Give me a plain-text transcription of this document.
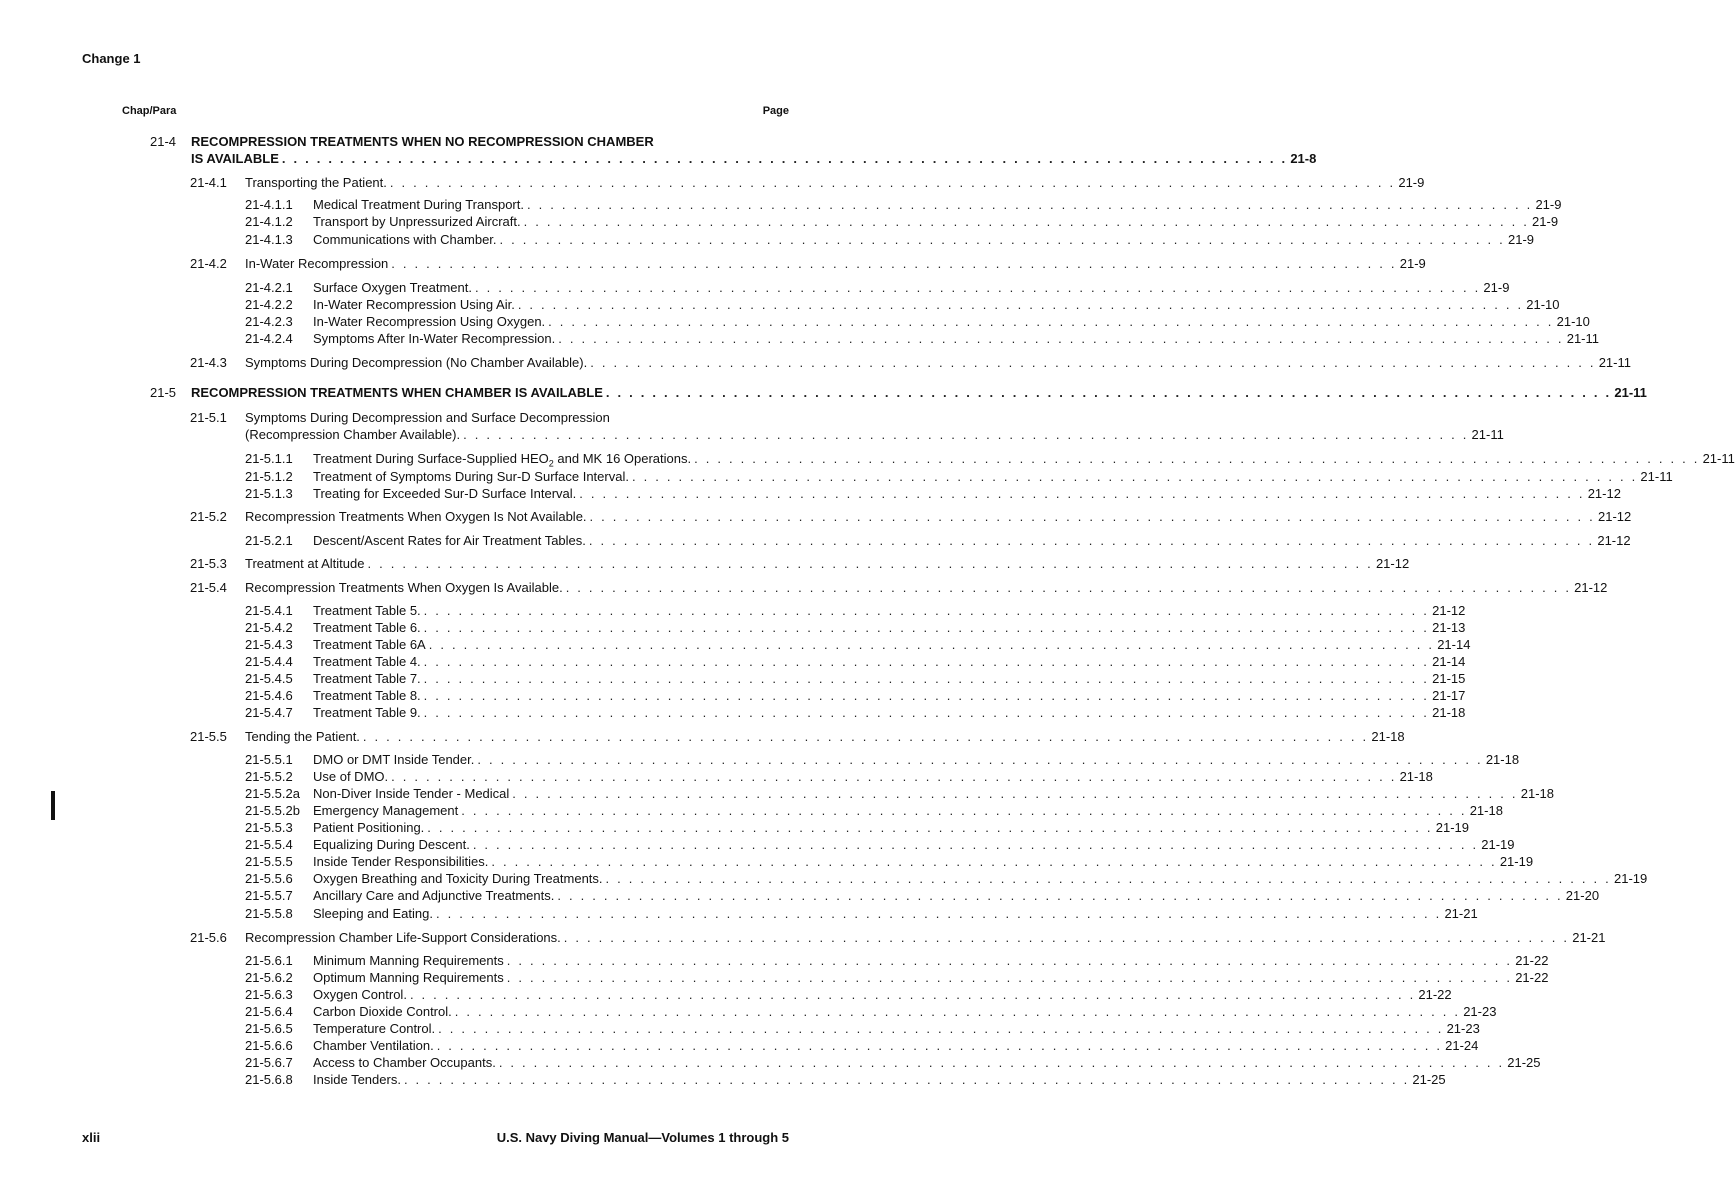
Change 1
Chap/Para	Page
21-4 RECOMPRESSION TREATMENTS WHEN NO RECOMPRESSION CHAMBER
IS AVAILABLE . . . . . . . . . . . . . . . . . . . . . . . . . . . . . . . . . . . . . . . . . . . . . . . . . . . . . . . . . . . . . . . . . . . . . . . . . . . . . . . . . . . . . . . 21-8
21-4.1	Transporting the Patient. . . . . . . . . . . . . . . . . . . . . . . . . . . . . . . . . . . . . . . . . . . . . . . . . . . . . . . . . . . . . . . . . . . . . . . . . . . . . . . . . . . . . . . . 21-9
21-4.1.1	Medical Treatment During Transport. . . . . . . . . . . . . . . . . . . . . . . . . . . . . . . . . . . . . . . . . . . . . . . . . . . . . . . . . . . . . . . . . . . . . . . . . . . . . . . . . . . . . . . . 21-9
21-4.1.2	Transport by Unpressurized Aircraft. . . . . . . . . . . . . . . . . . . . . . . . . . . . . . . . . . . . . . . . . . . . . . . . . . . . . . . . . . . . . . . . . . . . . . . . . . . . . . . . . . . . . . . . 21-9
21-4.1.3	Communications with Chamber. . . . . . . . . . . . . . . . . . . . . . . . . . . . . . . . . . . . . . . . . . . . . . . . . . . . . . . . . . . . . . . . . . . . . . . . . . . . . . . . . . . . . . . . 21-9
21-4.2	In-Water Recompression . . . . . . . . . . . . . . . . . . . . . . . . . . . . . . . . . . . . . . . . . . . . . . . . . . . . . . . . . . . . . . . . . . . . . . . . . . . . . . . . . . . . . . . 21-9
21-4.2.1	Surface Oxygen Treatment. . . . . . . . . . . . . . . . . . . . . . . . . . . . . . . . . . . . . . . . . . . . . . . . . . . . . . . . . . . . . . . . . . . . . . . . . . . . . . . . . . . . . . . . 21-9
21-4.2.2	In-Water Recompression Using Air. . . . . . . . . . . . . . . . . . . . . . . . . . . . . . . . . . . . . . . . . . . . . . . . . . . . . . . . . . . . . . . . . . . . . . . . . . . . . . . . . . . . . . . . 21-10
21-4.2.3	In-Water Recompression Using Oxygen. . . . . . . . . . . . . . . . . . . . . . . . . . . . . . . . . . . . . . . . . . . . . . . . . . . . . . . . . . . . . . . . . . . . . . . . . . . . . . . . . . . . . . . . 21-10
21-4.2.4	Symptoms After In-Water Recompression. . . . . . . . . . . . . . . . . . . . . . . . . . . . . . . . . . . . . . . . . . . . . . . . . . . . . . . . . . . . . . . . . . . . . . . . . . . . . . . . . . . . . . . . 21-11
21-4.3	Symptoms During Decompression (No Chamber Available). . . . . . . . . . . . . . . . . . . . . . . . . . . . . . . . . . . . . . . . . . . . . . . . . . . . . . . . . . . . . . . . . . . . . . . . . . . . . . . . . . . . . . . . 21-11
21-5	RECOMPRESSION TREATMENTS WHEN CHAMBER IS AVAILABLE . . . . . . . . . . . . . . . . . . . . . . . . . . . . . . . . . . . . . . . . . . . . . . . . . . . . . . . . . . . . . . . . . . . . . . . . . . . . . . . . . . . . . . . 21-11
21-5.1 Symptoms During Decompression and Surface Decompression
(Recompression Chamber Available). . . . . . . . . . . . . . . . . . . . . . . . . . . . . . . . . . . . . . . . . . . . . . . . . . . . . . . . . . . . . . . . . . . . . . . . . . . . . . . . . . . . . . . . 21-11
21-5.1.1	Treatment During Surface-Supplied $HEO_2$ and MK 16 Operations. . . . . . . . . . . . . . . . . . . . . . . . . . . . . . . . . . . . . . . . . . . . . . . . . . . . . . . . . . . . . . . . . . . . . . . . . . . . . . . . . . . . . . . . 21-11
21-5.1.2	Treatment of Symptoms During Sur-D Surface Interval. . . . . . . . . . . . . . . . . . . . . . . . . . . . . . . . . . . . . . . . . . . . . . . . . . . . . . . . . . . . . . . . . . . . . . . . . . . . . . . . . . . . . . . . 21-11
21-5.1.3	Treating for Exceeded Sur-D Surface Interval. . . . . . . . . . . . . . . . . . . . . . . . . . . . . . . . . . . . . . . . . . . . . . . . . . . . . . . . . . . . . . . . . . . . . . . . . . . . . . . . . . . . . . . . 21-12
21-5.2	Recompression Treatments When Oxygen Is Not Available. . . . . . . . . . . . . . . . . . . . . . . . . . . . . . . . . . . . . . . . . . . . . . . . . . . . . . . . . . . . . . . . . . . . . . . . . . . . . . . . . . . . . . . . 21-12
21-5.2.1	Descent/Ascent Rates for Air Treatment Tables. . . . . . . . . . . . . . . . . . . . . . . . . . . . . . . . . . . . . . . . . . . . . . . . . . . . . . . . . . . . . . . . . . . . . . . . . . . . . . . . . . . . . . . . 21-12
21-5.3	Treatment at Altitude . . . . . . . . . . . . . . . . . . . . . . . . . . . . . . . . . . . . . . . . . . . . . . . . . . . . . . . . . . . . . . . . . . . . . . . . . . . . . . . . . . . . . . . 21-12
21-5.4	Recompression Treatments When Oxygen Is Available. . . . . . . . . . . . . . . . . . . . . . . . . . . . . . . . . . . . . . . . . . . . . . . . . . . . . . . . . . . . . . . . . . . . . . . . . . . . . . . . . . . . . . . . 21-12
21-5.4.1	Treatment Table 5. . . . . . . . . . . . . . . . . . . . . . . . . . . . . . . . . . . . . . . . . . . . . . . . . . . . . . . . . . . . . . . . . . . . . . . . . . . . . . . . . . . . . . . . 21-12
21-5.4.2	Treatment Table 6. . . . . . . . . . . . . . . . . . . . . . . . . . . . . . . . . . . . . . . . . . . . . . . . . . . . . . . . . . . . . . . . . . . . . . . . . . . . . . . . . . . . . . . . 21-13
21-5.4.3	Treatment Table 6A . . . . . . . . . . . . . . . . . . . . . . . . . . . . . . . . . . . . . . . . . . . . . . . . . . . . . . . . . . . . . . . . . . . . . . . . . . . . . . . . . . . . . . . 21-14
21-5.4.4	Treatment Table 4. . . . . . . . . . . . . . . . . . . . . . . . . . . . . . . . . . . . . . . . . . . . . . . . . . . . . . . . . . . . . . . . . . . . . . . . . . . . . . . . . . . . . . . . 21-14
21-5.4.5	Treatment Table 7. . . . . . . . . . . . . . . . . . . . . . . . . . . . . . . . . . . . . . . . . . . . . . . . . . . . . . . . . . . . . . . . . . . . . . . . . . . . . . . . . . . . . . . . 21-15
21-5.4.6	Treatment Table 8. . . . . . . . . . . . . . . . . . . . . . . . . . . . . . . . . . . . . . . . . . . . . . . . . . . . . . . . . . . . . . . . . . . . . . . . . . . . . . . . . . . . . . . . 21-17
21-5.4.7	Treatment Table 9. . . . . . . . . . . . . . . . . . . . . . . . . . . . . . . . . . . . . . . . . . . . . . . . . . . . . . . . . . . . . . . . . . . . . . . . . . . . . . . . . . . . . . . . 21-18
21-5.5	Tending the Patient. . . . . . . . . . . . . . . . . . . . . . . . . . . . . . . . . . . . . . . . . . . . . . . . . . . . . . . . . . . . . . . . . . . . . . . . . . . . . . . . . . . . . . . . 21-18
21-5.5.1	DMO or DMT Inside Tender. . . . . . . . . . . . . . . . . . . . . . . . . . . . . . . . . . . . . . . . . . . . . . . . . . . . . . . . . . . . . . . . . . . . . . . . . . . . . . . . . . . . . . . . 21-18
21-5.5.2	Use of DMO. . . . . . . . . . . . . . . . . . . . . . . . . . . . . . . . . . . . . . . . . . . . . . . . . . . . . . . . . . . . . . . . . . . . . . . . . . . . . . . . . . . . . . . . 21-18
21-5.5.2a	Non-Diver Inside Tender - Medical . . . . . . . . . . . . . . . . . . . . . . . . . . . . . . . . . . . . . . . . . . . . . . . . . . . . . . . . . . . . . . . . . . . . . . . . . . . . . . . . . . . . . . . 21-18
21-5.5.2b	Emergency Management . . . . . . . . . . . . . . . . . . . . . . . . . . . . . . . . . . . . . . . . . . . . . . . . . . . . . . . . . . . . . . . . . . . . . . . . . . . . . . . . . . . . . . . 21-18
21-5.5.3	Patient Positioning. . . . . . . . . . . . . . . . . . . . . . . . . . . . . . . . . . . . . . . . . . . . . . . . . . . . . . . . . . . . . . . . . . . . . . . . . . . . . . . . . . . . . . . . 21-19
21-5.5.4	Equalizing During Descent. . . . . . . . . . . . . . . . . . . . . . . . . . . . . . . . . . . . . . . . . . . . . . . . . . . . . . . . . . . . . . . . . . . . . . . . . . . . . . . . . . . . . . . . 21-19
21-5.5.5	Inside Tender Responsibilities. . . . . . . . . . . . . . . . . . . . . . . . . . . . . . . . . . . . . . . . . . . . . . . . . . . . . . . . . . . . . . . . . . . . . . . . . . . . . . . . . . . . . . . . 21-19
21-5.5.6	Oxygen Breathing and Toxicity During Treatments. . . . . . . . . . . . . . . . . . . . . . . . . . . . . . . . . . . . . . . . . . . . . . . . . . . . . . . . . . . . . . . . . . . . . . . . . . . . . . . . . . . . . . . . 21-19
21-5.5.7	Ancillary Care and Adjunctive Treatments. . . . . . . . . . . . . . . . . . . . . . . . . . . . . . . . . . . . . . . . . . . . . . . . . . . . . . . . . . . . . . . . . . . . . . . . . . . . . . . . . . . . . . . . 21-20
21-5.5.8	Sleeping and Eating. . . . . . . . . . . . . . . . . . . . . . . . . . . . . . . . . . . . . . . . . . . . . . . . . . . . . . . . . . . . . . . . . . . . . . . . . . . . . . . . . . . . . . . . 21-21
21-5.6	Recompression Chamber Life-Support Considerations. . . . . . . . . . . . . . . . . . . . . . . . . . . . . . . . . . . . . . . . . . . . . . . . . . . . . . . . . . . . . . . . . . . . . . . . . . . . . . . . . . . . . . . . 21-21
21-5.6.1	Minimum Manning Requirements . . . . . . . . . . . . . . . . . . . . . . . . . . . . . . . . . . . . . . . . . . . . . . . . . . . . . . . . . . . . . . . . . . . . . . . . . . . . . . . . . . . . . . . 21-22
21-5.6.2	Optimum Manning Requirements . . . . . . . . . . . . . . . . . . . . . . . . . . . . . . . . . . . . . . . . . . . . . . . . . . . . . . . . . . . . . . . . . . . . . . . . . . . . . . . . . . . . . . . 21-22
21-5.6.3	Oxygen Control. . . . . . . . . . . . . . . . . . . . . . . . . . . . . . . . . . . . . . . . . . . . . . . . . . . . . . . . . . . . . . . . . . . . . . . . . . . . . . . . . . . . . . . . 21-22
21-5.6.4	Carbon Dioxide Control. . . . . . . . . . . . . . . . . . . . . . . . . . . . . . . . . . . . . . . . . . . . . . . . . . . . . . . . . . . . . . . . . . . . . . . . . . . . . . . . . . . . . . . . 21-23
21-5.6.5	Temperature Control. . . . . . . . . . . . . . . . . . . . . . . . . . . . . . . . . . . . . . . . . . . . . . . . . . . . . . . . . . . . . . . . . . . . . . . . . . . . . . . . . . . . . . . . 21-23
21-5.6.6	Chamber Ventilation. . . . . . . . . . . . . . . . . . . . . . . . . . . . . . . . . . . . . . . . . . . . . . . . . . . . . . . . . . . . . . . . . . . . . . . . . . . . . . . . . . . . . . . . 21-24
21-5.6.7	Access to Chamber Occupants. . . . . . . . . . . . . . . . . . . . . . . . . . . . . . . . . . . . . . . . . . . . . . . . . . . . . . . . . . . . . . . . . . . . . . . . . . . . . . . . . . . . . . . . 21-25
21-5.6.8	Inside Tenders. . . . . . . . . . . . . . . . . . . . . . . . . . . . . . . . . . . . . . . . . . . . . . . . . . . . . . . . . . . . . . . . . . . . . . . . . . . . . . . . . . . . . . . . 21-25
xlii	U.S. Navy Diving Manual—Volumes 1 through 5
